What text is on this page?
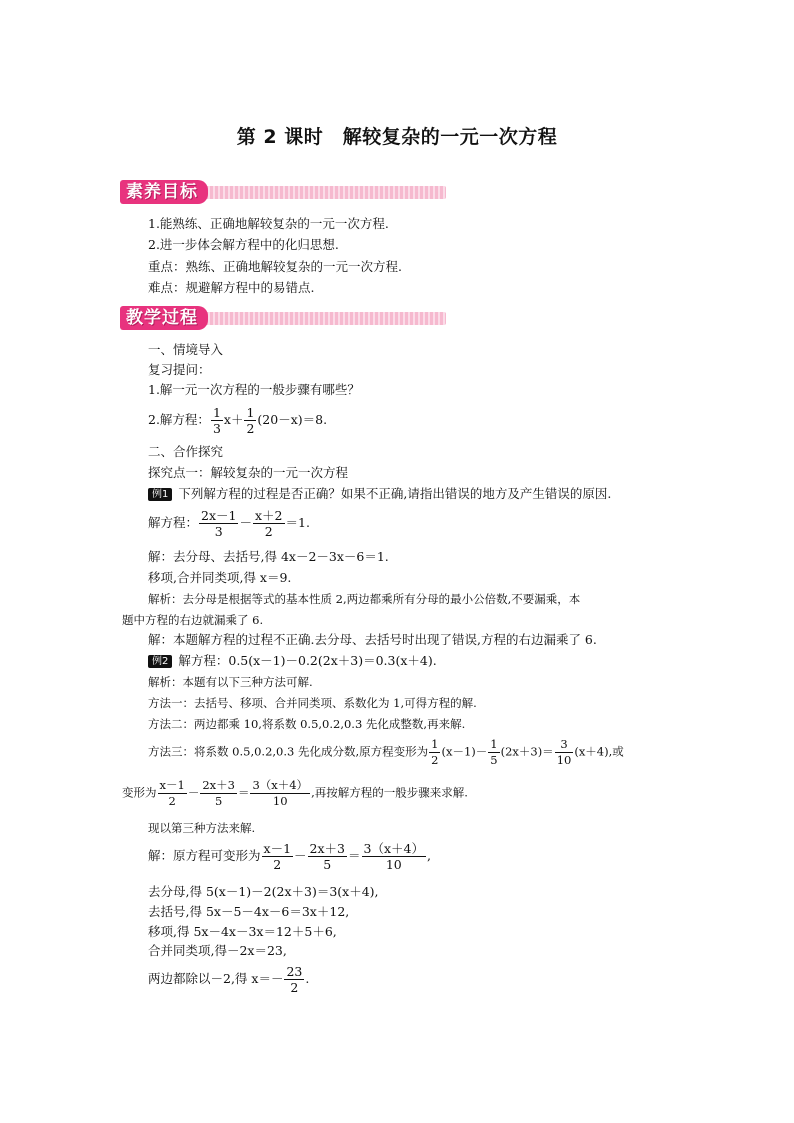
第 2 课时　解较复杂的一元一次方程
素养目标
1.能熟练、正确地解较复杂的一元一次方程.
2.进一步体会解方程中的化归思想.
重点：熟练、正确地解较复杂的一元一次方程.
难点：规避解方程中的易错点.
教学过程
一、情境导入
复习提问：
1.解一元一次方程的一般步骤有哪些？
2.解方程： $\frac{1}{3} x+ \frac{1}{2} (20-x)=8$.
二、合作探究
探究点一：解较复杂的一元一次方程
例1 下列解方程的过程是否正确？如果不正确,请指出错误的地方及产生错误的原因.
解方程： $\frac{2x-1}{3} - \frac{x+2}{2} =1$.
解：去分母、去括号,得 4x－2－3x－6＝1.
移项,合并同类项,得 x＝9.
解析：去分母是根据等式的基本性质 2,两边都乘所有分母的最小公倍数,不要漏乘，本
题中方程的右边就漏乘了 6.
解：本题解方程的过程不正确.去分母、去括号时出现了错误,方程的右边漏乘了 6.
例2 解方程：0.5(x－1)－0.2(2x＋3)＝0.3(x＋4).
解析：本题有以下三种方法可解.
方法一：去括号、移项、合并同类项、系数化为 1,可得方程的解.
方法二：两边都乘 10,将系数 0.5,0.2,0.3 先化成整数,再来解.
方法三：将系数 0.5,0.2,0.3 先化成分数,原方程变形为 $\frac{1}{2} (x-1)- \frac{1}{5} (2x+3)= \frac{3}{10} (x+4)$,或
变形为 $\frac{x-1}{2} - \frac{2x+3}{5} = \frac{3(x+4)}{10}$ ,再按解方程的一般步骤来求解.
现以第三种方法来解.
解：原方程可变形为 $\frac{x-1}{2} - \frac{2x+3}{5} = \frac{3(x+4)}{10}$ ,
去分母,得 5(x－1)－2(2x＋3)＝3(x＋4),
去括号,得 5x－5－4x－6＝3x＋12,
移项,得 5x－4x－3x＝12＋5＋6,
合并同类项,得－2x＝23,
两边都除以－2,得 $x=- \frac{23}{2}$ .
